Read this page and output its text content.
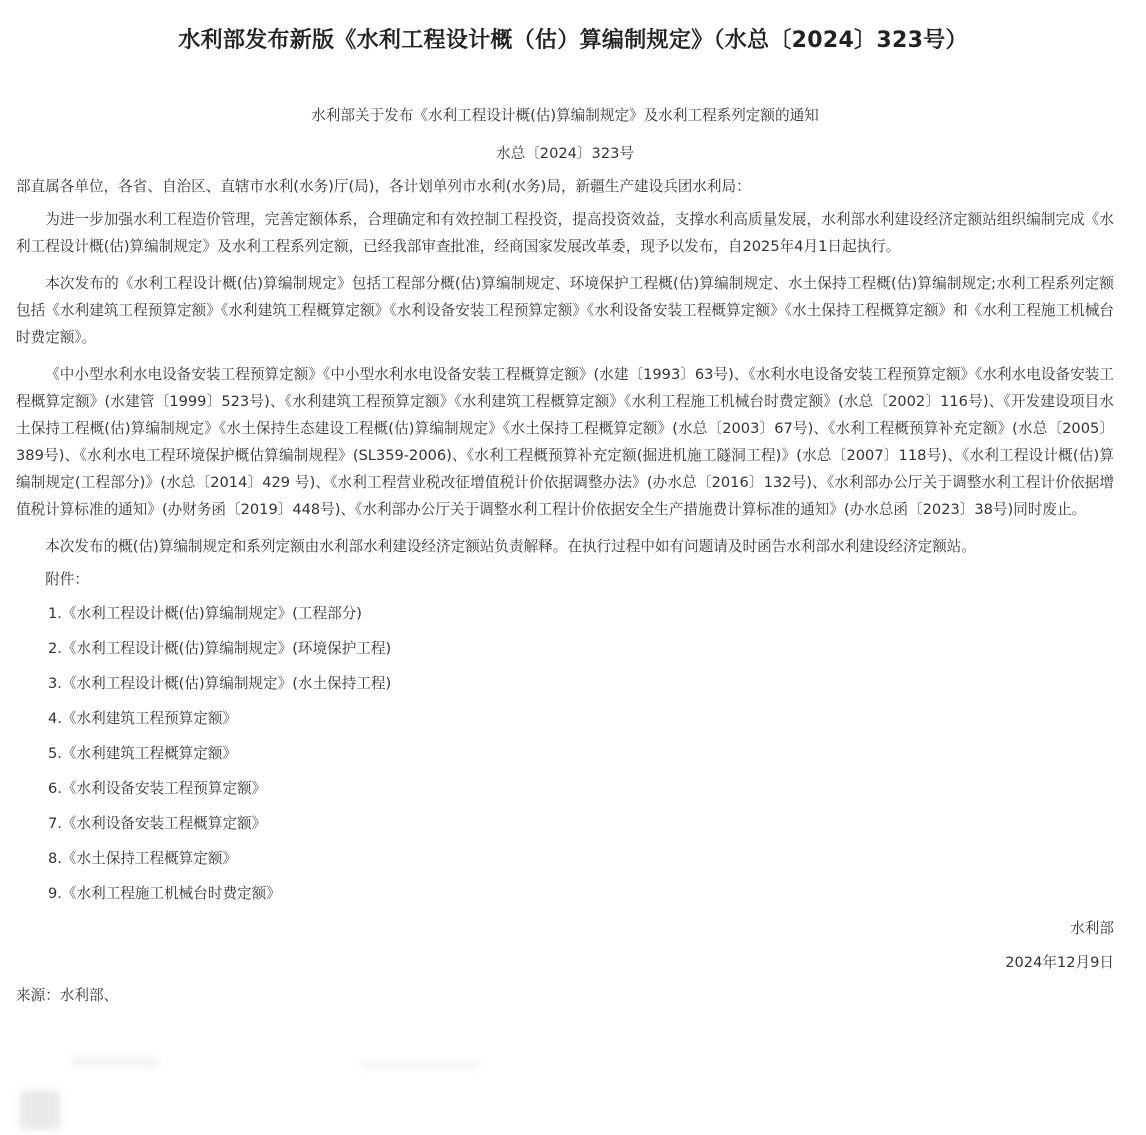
水利部发布新版《水利工程设计概（估）算编制规定》（水总〔2024〕323号）

水利部关于发布《水利工程设计概(估)算编制规定》及水利工程系列定额的通知

水总〔2024〕323号

部直属各单位，各省、自治区、直辖市水利(水务)厅(局)，各计划单列市水利(水务)局，新疆生产建设兵团水利局：

为进一步加强水利工程造价管理，完善定额体系，合理确定和有效控制工程投资，提高投资效益，支撑水利高质量发展，水利部水利建设经济定额站组织编制完成《水利工程设计概(估)算编制规定》及水利工程系列定额，已经我部审查批准，经商国家发展改革委，现予以发布，自2025年4月1日起执行。

本次发布的《水利工程设计概(估)算编制规定》包括工程部分概(估)算编制规定、环境保护工程概(估)算编制规定、水土保持工程概(估)算编制规定;水利工程系列定额包括《水利建筑工程预算定额》《水利建筑工程概算定额》《水利设备安装工程预算定额》《水利设备安装工程概算定额》《水土保持工程概算定额》和《水利工程施工机械台时费定额》。

《中小型水利水电设备安装工程预算定额》《中小型水利水电设备安装工程概算定额》(水建〔1993〕63号)、《水利水电设备安装工程预算定额》《水利水电设备安装工程概算定额》(水建管〔1999〕523号)、《水利建筑工程预算定额》《水利建筑工程概算定额》《水利工程施工机械台时费定额》(水总〔2002〕116号)、《开发建设项目水土保持工程概(估)算编制规定》《水土保持生态建设工程概(估)算编制规定》《水土保持工程概算定额》(水总〔2003〕67号)、《水利工程概预算补充定额》(水总〔2005〕389号)、《水利水电工程环境保护概估算编制规程》(SL359-2006)、《水利工程概预算补充定额(掘进机施工隧洞工程)》(水总〔2007〕118号)、《水利工程设计概(估)算编制规定(工程部分)》(水总〔2014〕429 号)、《水利工程营业税改征增值税计价依据调整办法》(办水总〔2016〕132号)、《水利部办公厅关于调整水利工程计价依据增值税计算标准的通知》(办财务函〔2019〕448号)、《水利部办公厅关于调整水利工程计价依据安全生产措施费计算标准的通知》(办水总函〔2023〕38号)同时废止。

本次发布的概(估)算编制规定和系列定额由水利部水利建设经济定额站负责解释。在执行过程中如有问题请及时函告水利部水利建设经济定额站。

附件：

1.《水利工程设计概(估)算编制规定》(工程部分)
2.《水利工程设计概(估)算编制规定》(环境保护工程)
3.《水利工程设计概(估)算编制规定》(水土保持工程)
4.《水利建筑工程预算定额》
5.《水利建筑工程概算定额》
6.《水利设备安装工程预算定额》
7.《水利设备安装工程概算定额》
8.《水土保持工程概算定额》
9.《水利工程施工机械台时费定额》

水利部

2024年12月9日

来源：水利部、
